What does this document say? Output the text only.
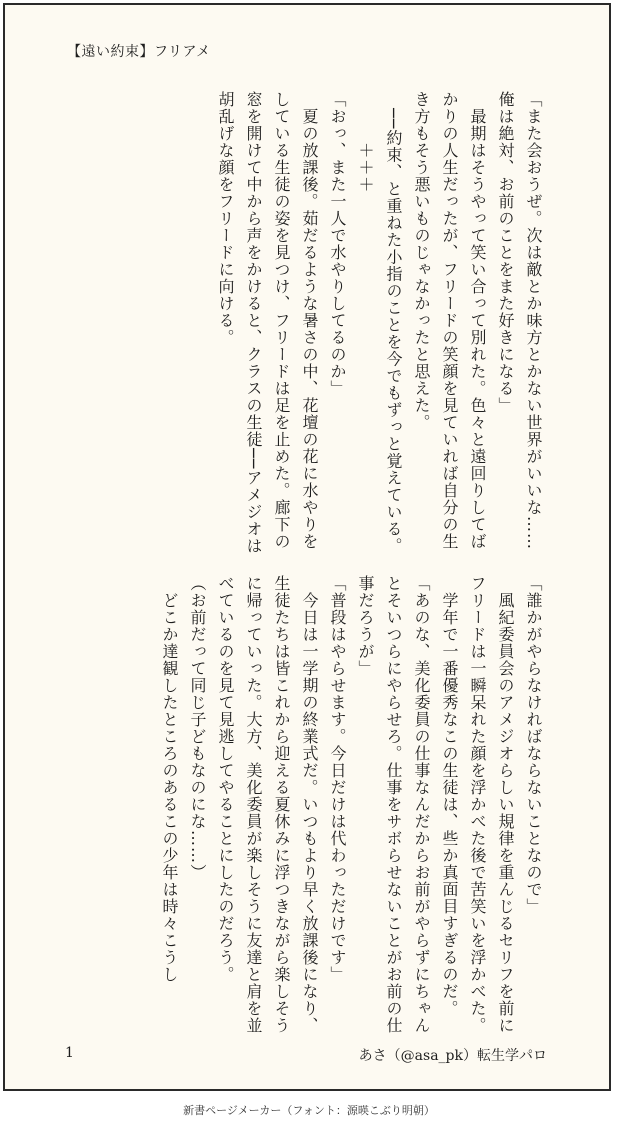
【遠い約束】フリアメ

「また会おうぜ。次は敵とか味方とかない世界がいいな……俺は絶対、お前のことをまた好きになる」

　最期はそうやって笑い合って別れた。色々と遠回りしてばかりの人生だったが、フリードの笑顔を見ていれば自分の生き方もそう悪いものじゃなかったと思えた。

　──約束、と重ねた小指のことを今でもずっと覚えている。

　　　＋＋＋

「おっ、また一人で水やりしてるのか」

　夏の放課後。茹だるような暑さの中、花壇の花に水やりをしている生徒の姿を見つけ、フリードは足を止めた。廊下の窓を開けて中から声をかけると、クラスの生徒──アメジオは胡乱げな顔をフリードに向ける。

「誰かがやらなければならないことなので」

　風紀委員会のアメジオらしい規律を重んじるセリフを前にフリードは一瞬呆れた顔を浮かべた後で苦笑いを浮かべた。

　学年で一番優秀なこの生徒は、些か真面目すぎるのだ。

「あのな、美化委員の仕事なんだからお前がやらずにちゃんとそいつらにやらせろ。仕事をサボらせないことがお前の仕事だろうが」

「普段はやらせます。今日だけは代わっただけです」

　今日は一学期の終業式だ。いつもより早く放課後になり、生徒たちは皆これから迎える夏休みに浮つきながら楽しそうに帰っていった。大方、美化委員が楽しそうに友達と肩を並べているのを見て見逃してやることにしたのだろう。

（お前だって同じ子どもなのにな……）

　どこか達観したところのあるこの少年は時々こうし

1	あさ（@asa_pk）転生学パロ
新書ページメーカー（フォント：源暎こぶり明朝）
